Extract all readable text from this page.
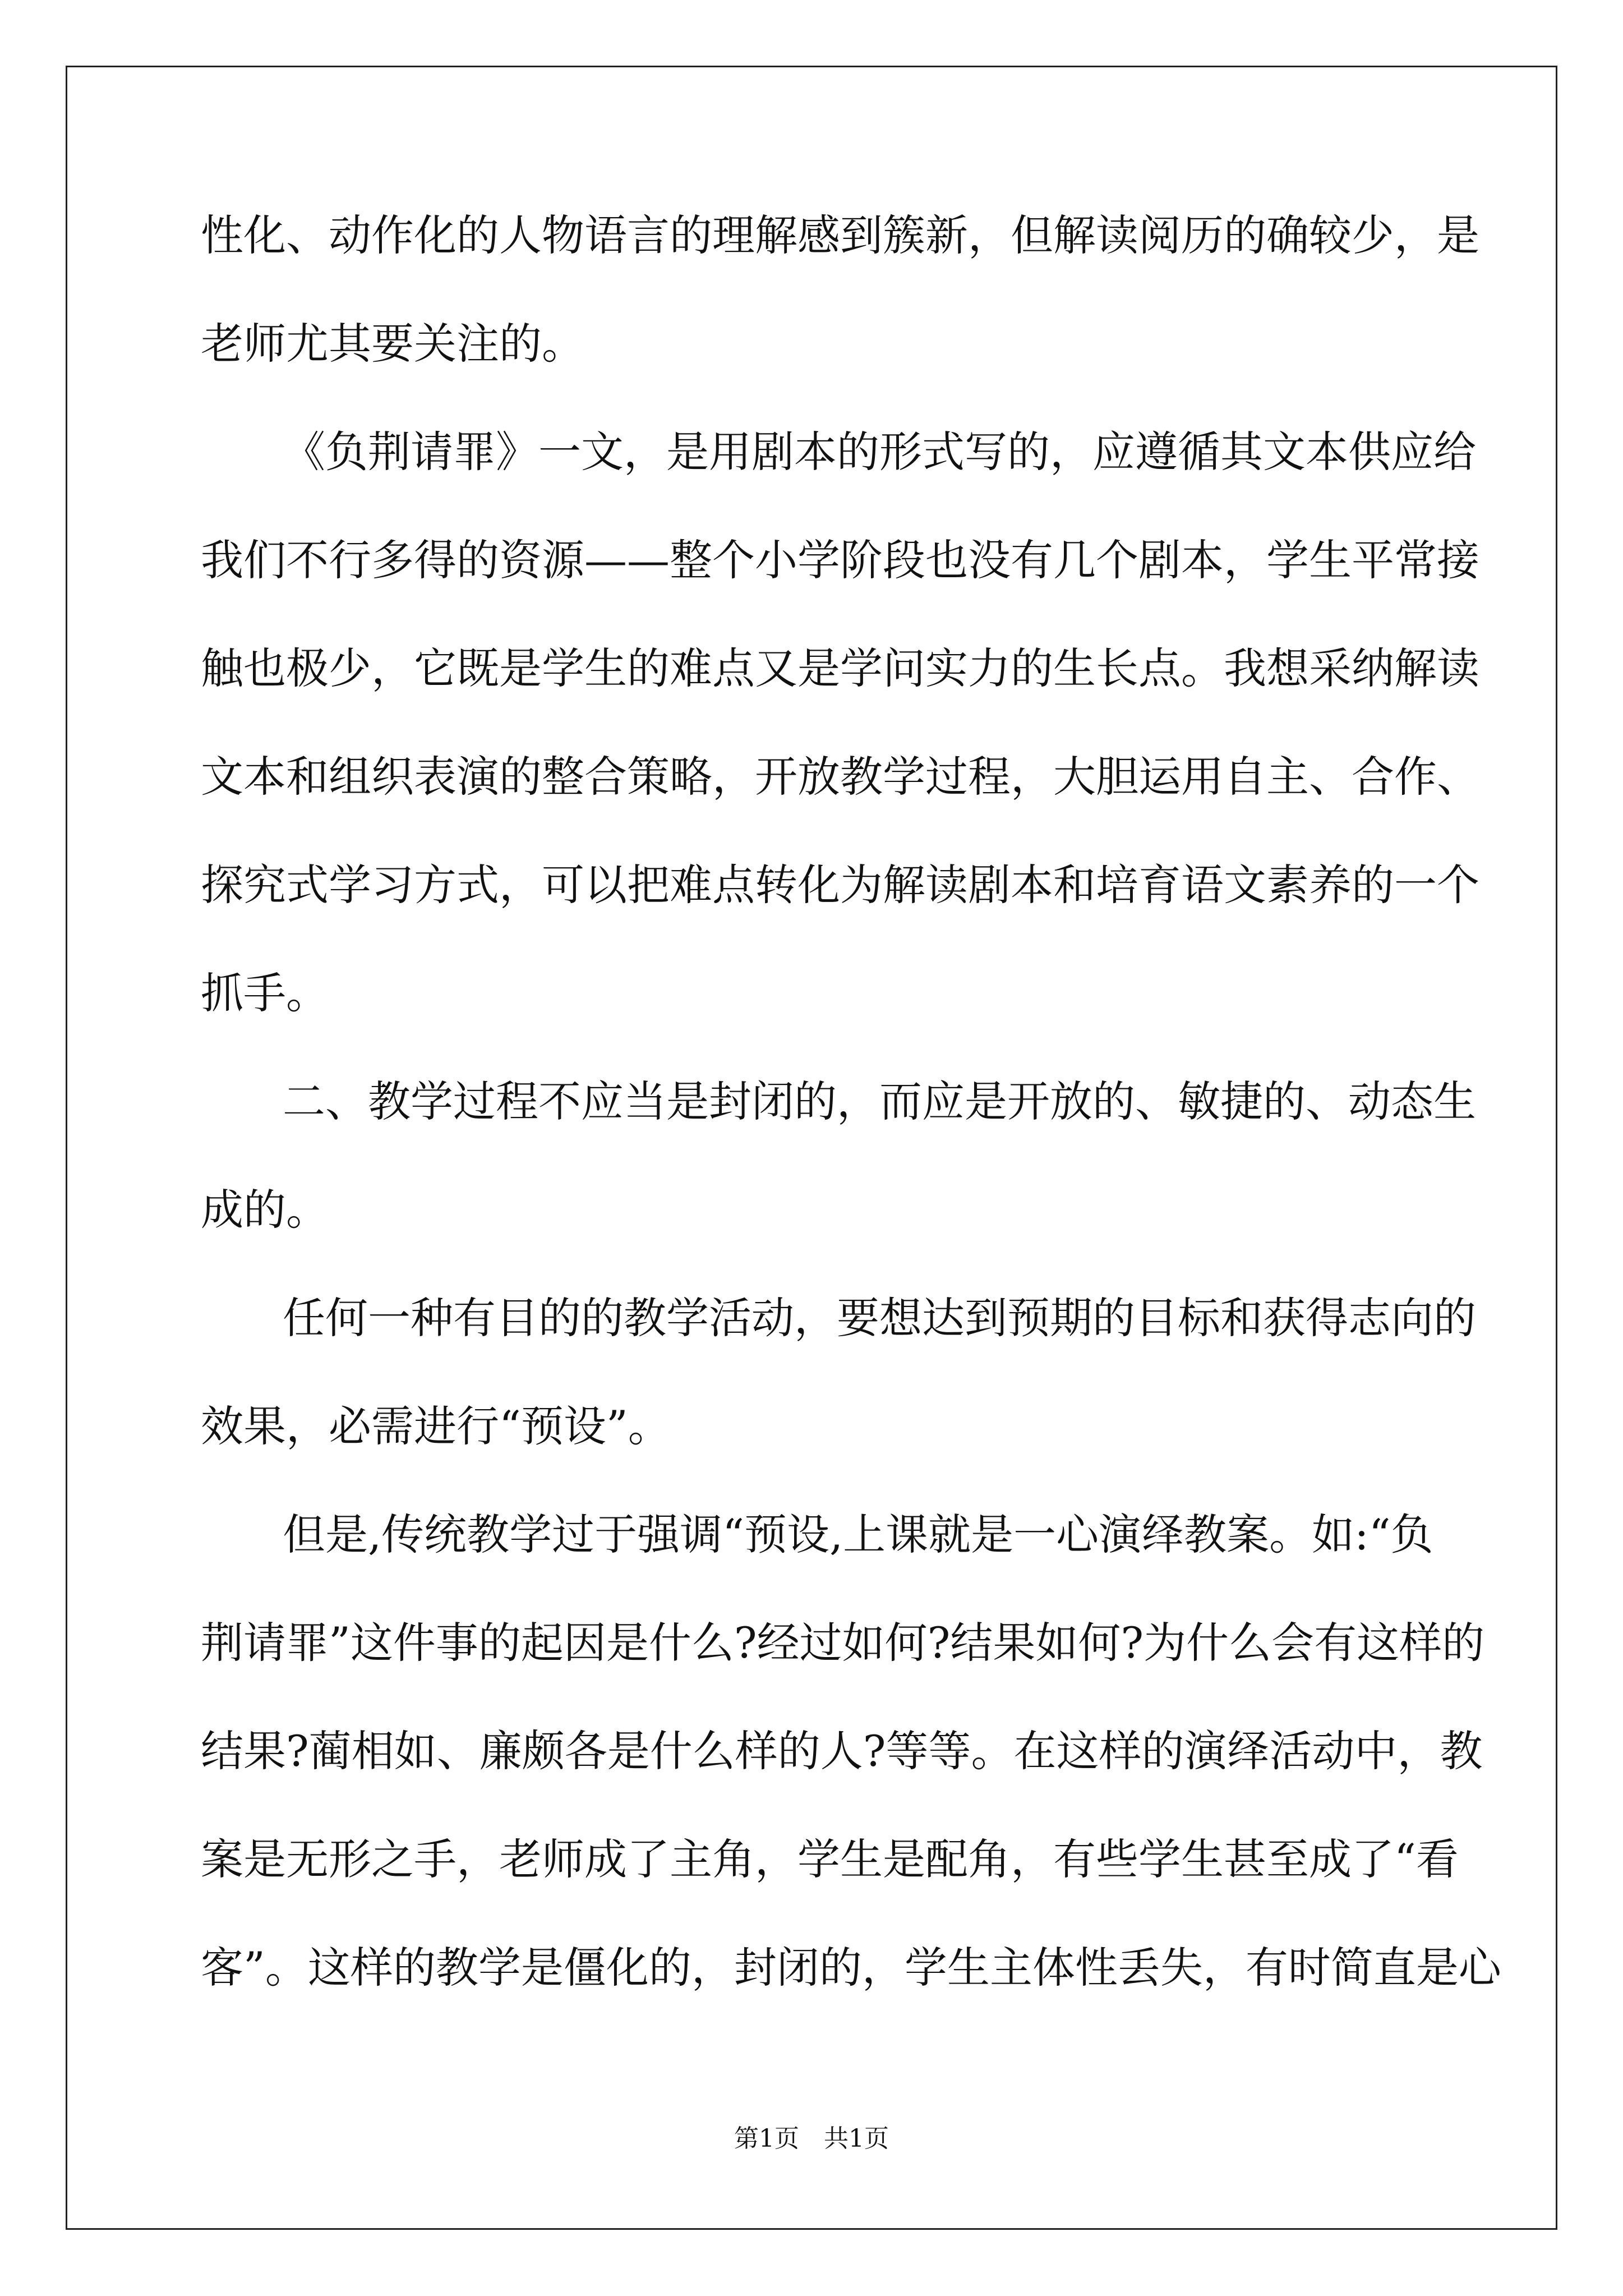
性化、动作化的人物语言的理解感到簇新，但解读阅历的确较少，是
老师尤其要关注的。
《负荆请罪》一文，是用剧本的形式写的，应遵循其文本供应给
我们不行多得的资源——整个小学阶段也没有几个剧本，学生平常接
触也极少，它既是学生的难点又是学问实力的生长点。我想采纳解读
文本和组织表演的整合策略，开放教学过程，大胆运用自主、合作、
探究式学习方式，可以把难点转化为解读剧本和培育语文素养的一个
抓手。
二、教学过程不应当是封闭的，而应是开放的、敏捷的、动态生
成的。
任何一种有目的的教学活动，要想达到预期的目标和获得志向的
效果，必需进行“预设”。
但是,传统教学过于强调“预设,上课就是一心演绎教案。如:“负
荆请罪”这件事的起因是什么?经过如何?结果如何?为什么会有这样的
结果?蔺相如、廉颇各是什么样的人?等等。在这样的演绎活动中，教
案是无形之手，老师成了主角，学生是配角，有些学生甚至成了“看
客”。这样的教学是僵化的，封闭的，学生主体性丢失，有时简直是心
第1页　共1页
